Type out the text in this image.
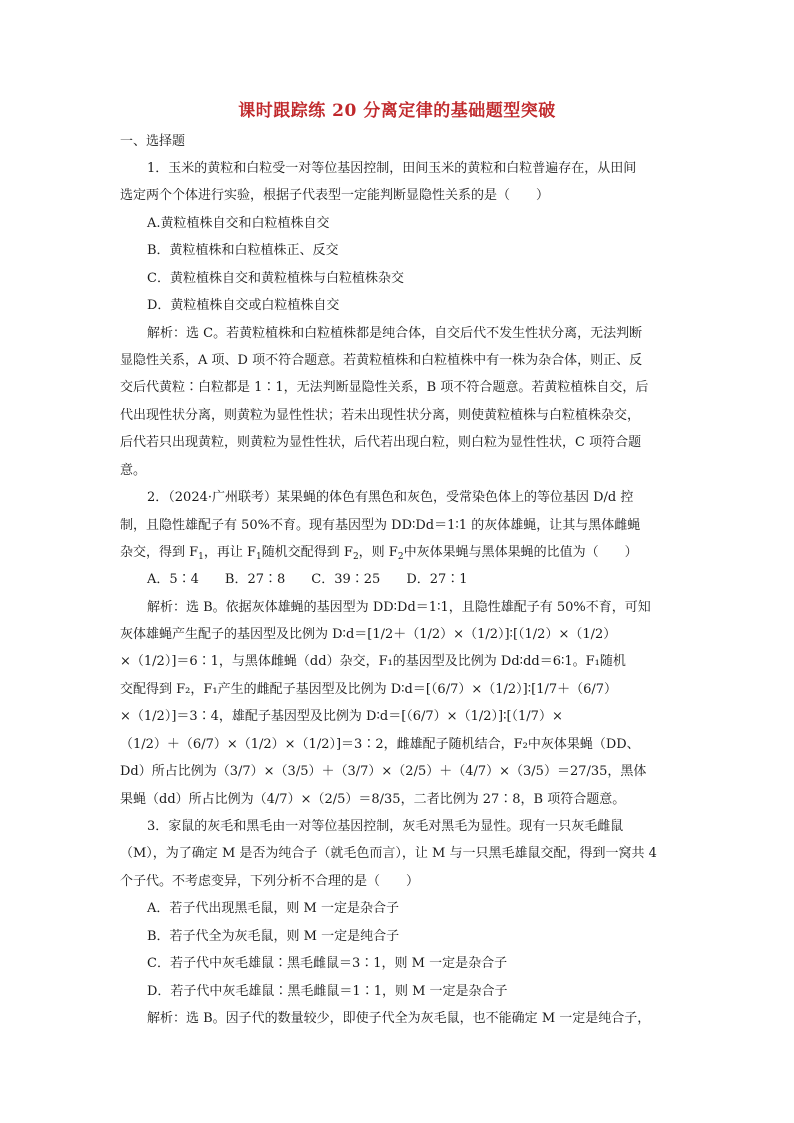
课时跟踪练 20 分离定律的基础题型突破
一、选择题
1．玉米的黄粒和白粒受一对等位基因控制，田间玉米的黄粒和白粒普遍存在，从田间
选定两个个体进行实验，根据子代表型一定能判断显隐性关系的是（　　）
A.黄粒植株自交和白粒植株自交
B．黄粒植株和白粒植株正、反交
C．黄粒植株自交和黄粒植株与白粒植株杂交
D．黄粒植株自交或白粒植株自交
解析：选 C。若黄粒植株和白粒植株都是纯合体，自交后代不发生性状分离，无法判断
显隐性关系，A 项、D 项不符合题意。若黄粒植株和白粒植株中有一株为杂合体，则正、反
交后代黄粒∶白粒都是 1∶1，无法判断显隐性关系，B 项不符合题意。若黄粒植株自交，后
代出现性状分离，则黄粒为显性性状；若未出现性状分离，则使黄粒植株与白粒植株杂交，
后代若只出现黄粒，则黄粒为显性性状，后代若出现白粒，则白粒为显性性状，C 项符合题
意。
2．（2024·广州联考）某果蝇的体色有黑色和灰色，受常染色体上的等位基因 D/d 控
制，且隐性雄配子有 50%不育。现有基因型为 DD∶Dd＝1∶1 的灰体雄蝇，让其与黑体雌蝇
杂交，得到 $F_1$，再让 $F_1$随机交配得到 $F_2$，则 $F_2$中灰体果蝇与黑体果蝇的比值为（　　）
A．5∶4　　B．27∶8　　C．39∶25　　D．27∶1
解析：选 B。依据灰体雄蝇的基因型为 DD∶Dd＝1∶1，且隐性雄配子有 50%不育，可知
灰体雄蝇产生配子的基因型及比例为 D∶d＝[1/2＋（1/2）×（1/2）]∶[（1/2）×（1/2）
×（1/2）]＝6∶1，与黑体雌蝇（dd）杂交，F₁的基因型及比例为 Dd∶dd＝6∶1。F₁随机
交配得到 F₂，F₁产生的雌配子基因型及比例为 D∶d＝[（6/7）×（1/2）]∶[1/7＋（6/7）
×（1/2）]＝3∶4，雄配子基因型及比例为 D∶d＝[（6/7）×（1/2）]∶[（1/7）×
（1/2）＋（6/7）×（1/2）×（1/2）]＝3∶2，雌雄配子随机结合，F₂中灰体果蝇（DD、
Dd）所占比例为（3/7）×（3/5）＋（3/7）×（2/5）＋（4/7）×（3/5）＝27/35，黑体
果蝇（dd）所占比例为（4/7）×（2/5）＝8/35，二者比例为 27∶8，B 项符合题意。
3．家鼠的灰毛和黑毛由一对等位基因控制，灰毛对黑毛为显性。现有一只灰毛雌鼠
（M），为了确定 M 是否为纯合子（就毛色而言），让 M 与一只黑毛雄鼠交配，得到一窝共 4
个子代。不考虑变异，下列分析不合理的是（　　）
A．若子代出现黑毛鼠，则 M 一定是杂合子
B．若子代全为灰毛鼠，则 M 一定是纯合子
C．若子代中灰毛雄鼠∶黑毛雌鼠＝3∶1，则 M 一定是杂合子
D．若子代中灰毛雄鼠∶黑毛雌鼠＝1∶1，则 M 一定是杂合子
解析：选 B。因子代的数量较少，即使子代全为灰毛鼠，也不能确定 M 一定是纯合子，
